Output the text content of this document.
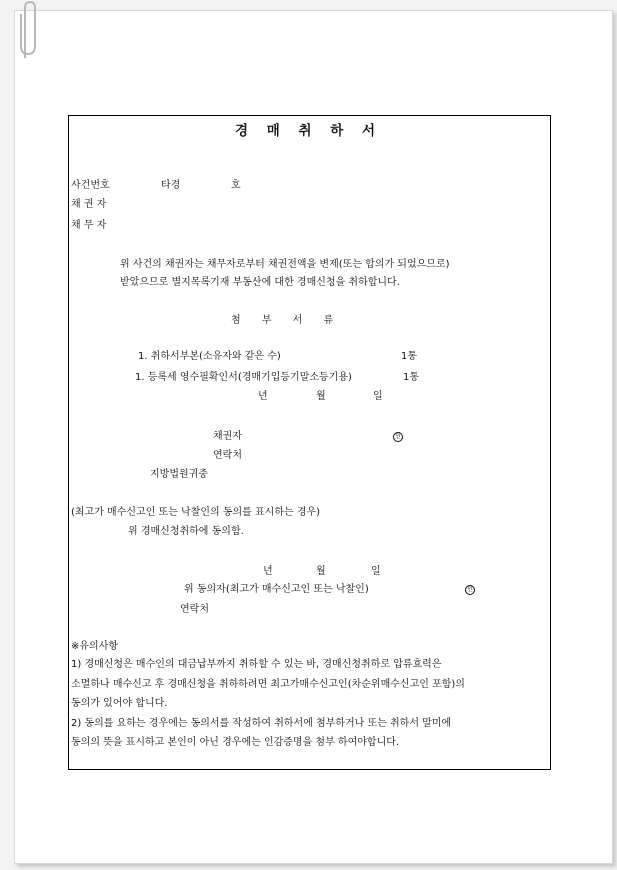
경 매 취 하 서
사건번호	타경	호
채 권 자
채 무 자
위 사건의 채권자는 채무자로부터 채권전액을 변제(또는 합의가 되었으므로)
받았으므로 별지목록기재 부동산에 대한 경매신청을 취하합니다.
첨 부 서 류
1. 취하서부본(소유자와 같은 수)	1통
1. 등록세 영수필확인서(경매기입등기말소등기용)	1통
년	월	일
채권자	인
연락처
지방법원귀중
(최고가 매수신고인 또는 낙찰인의 동의를 표시하는 경우)
위 경매신청취하에 동의함.
년	월	일
위 동의자(최고가 매수신고인 또는 낙찰인)	인
연락처
※유의사항
1) 경매신청은 매수인의 대금납부까지 취하할 수 있는 바, 경매신청취하로 압류효력은
소멸하나 매수신고 후 경매신청을 취하하려면 최고가매수신고인(차순위매수신고인 포함)의
동의가 있어야 합니다.
2) 동의를 요하는 경우에는 동의서를 작성하여 취하서에 첨부하거나 또는 취하서 말미에
동의의 뜻을 표시하고 본인이 아닌 경우에는 인감증명을 첨부 하여야합니다.
